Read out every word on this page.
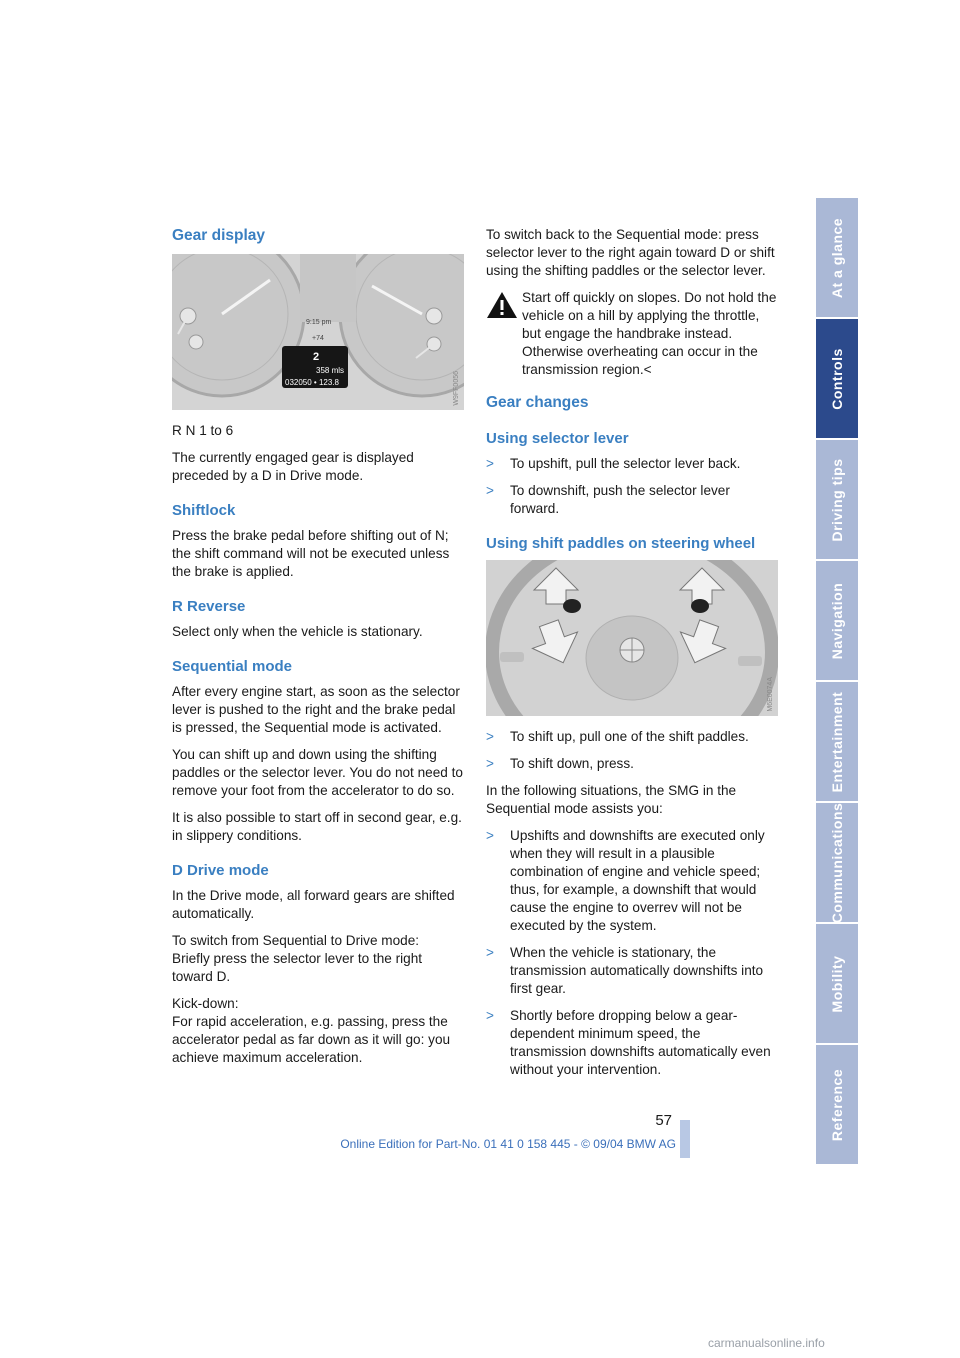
Gear display
2
358 mls
032050 • 123.8
9:15 pm
+74
W9FF0056

R N 1 to 6

The currently engaged gear is displayed preceded by a D in Drive mode.

Shiftlock

Press the brake pedal before shifting out of N; the shift command will not be executed unless the brake is applied.

R Reverse

Select only when the vehicle is stationary.

Sequential mode

After every engine start, as soon as the selector lever is pushed to the right and the brake pedal is pressed, the Sequential mode is activated.

You can shift up and down using the shifting paddles or the selector lever. You do not need to remove your foot from the accelerator to do so.

It is also possible to start off in second gear, e.g. in slippery conditions.

D Drive mode

In the Drive mode, all forward gears are shifted automatically.

To switch from Sequential to Drive mode:
Briefly press the selector lever to the right toward D.

Kick-down:
For rapid acceleration, e.g. passing, press the accelerator pedal as far down as it will go: you achieve maximum acceleration.

To switch back to the Sequential mode: press selector lever to the right again toward D or shift using the shifting paddles or the selector lever.

Start off quickly on slopes. Do not hold the vehicle on a hill by applying the throttle, but engage the handbrake instead. Otherwise overheating can occur in the transmission region.<

Gear changes
Using selector lever
> To upshift, pull the selector lever back.
> To downshift, push the selector lever forward.
Using shift paddles on steering wheel
M6E0074A
> To shift up, pull one of the shift paddles.
> To shift down, press.

In the following situations, the SMG in the Sequential mode assists you:

> Upshifts and downshifts are executed only when they will result in a plausible combination of engine and vehicle speed; thus, for example, a downshift that would cause the engine to overrev will not be executed by the system.
> When the vehicle is stationary, the transmission automatically downshifts into first gear.
> Shortly before dropping below a gear-dependent minimum speed, the transmission downshifts automatically even without your intervention.
At a glance
Controls
Driving tips
Navigation
Entertainment
Communications
Mobility
Reference
57
Online Edition for Part-No. 01 41 0 158 445 - © 09/04 BMW AG
carmanualsonline.info
